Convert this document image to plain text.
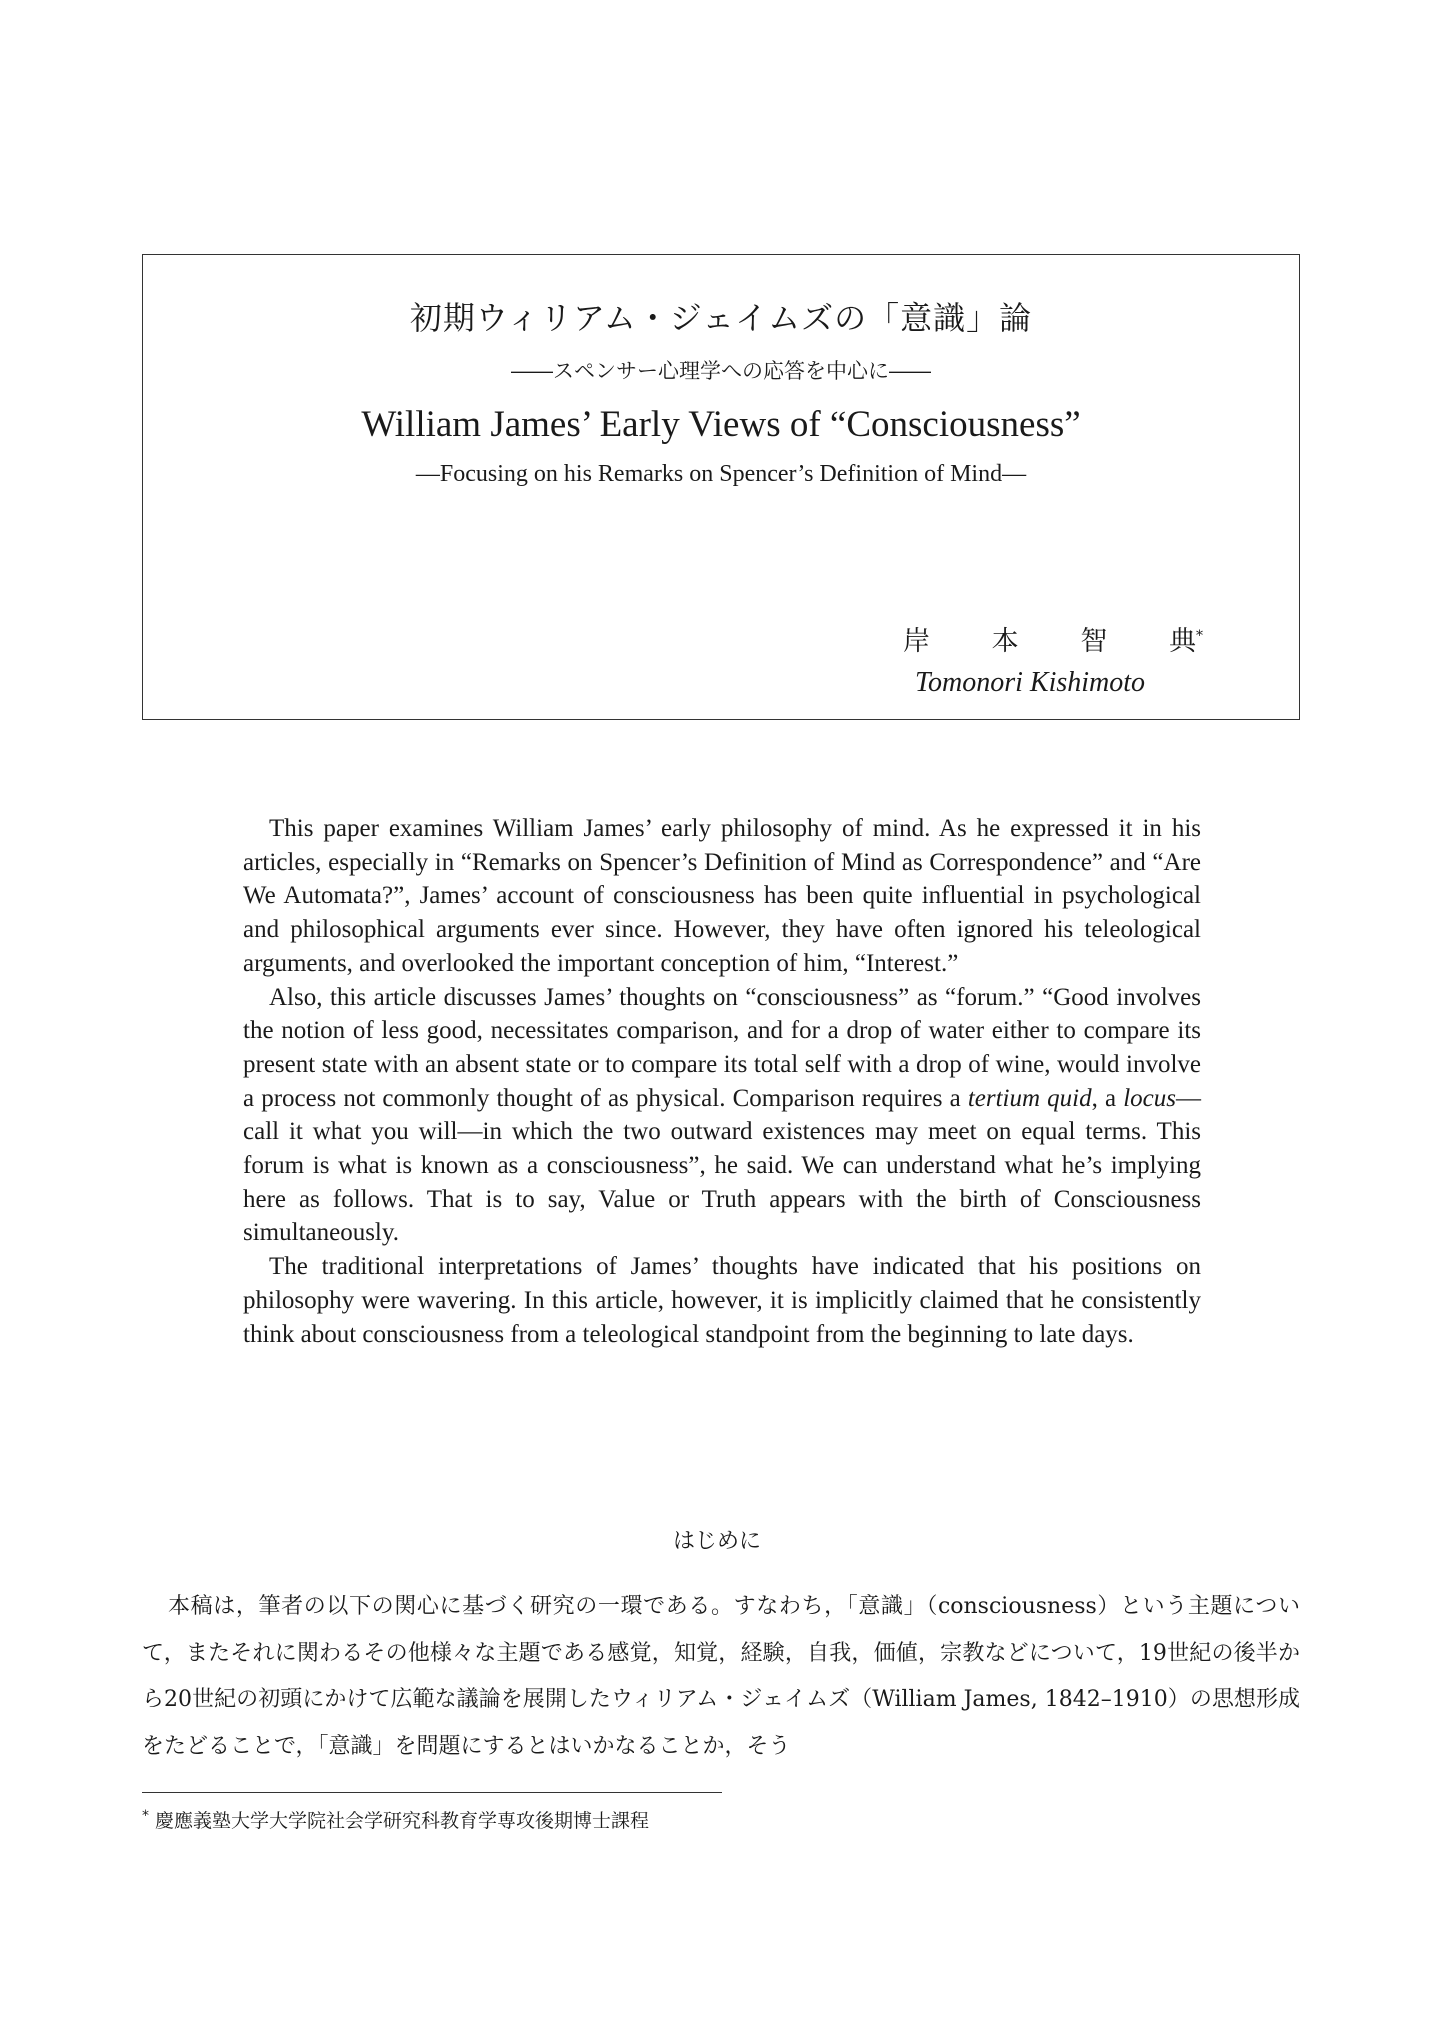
初期ウィリアム・ジェイムズの「意識」論
――スペンサー心理学への応答を中心に――
William James’ Early Views of “Consciousness”
—Focusing on his Remarks on Spencer’s Definition of Mind—
岸 本 智 典*
Tomonori Kishimoto

This paper examines William James’ early philosophy of mind. As he expressed it in his articles, especially in “Remarks on Spencer’s Definition of Mind as Correspondence” and “Are We Automata?”, James’ account of consciousness has been quite influential in psychological and philosophical arguments ever since. However, they have often ignored his teleological arguments, and overlooked the important conception of him, “Interest.”

Also, this article discusses James’ thoughts on “consciousness” as “forum.” “Good involves the notion of less good, necessitates comparison, and for a drop of water either to compare its present state with an absent state or to compare its total self with a drop of wine, would involve a process not commonly thought of as physical. Comparison requires a tertium quid, a locus—call it what you will—in which the two outward existences may meet on equal terms. This forum is what is known as a consciousness”, he said. We can understand what he’s implying here as follows. That is to say, Value or Truth appears with the birth of Consciousness simultaneously.

The traditional interpretations of James’ thoughts have indicated that his positions on philosophy were wavering. In this article, however, it is implicitly claimed that he consistently think about consciousness from a teleological standpoint from the beginning to late days.

はじめに

本稿は，筆者の以下の関心に基づく研究の一環である。すなわち，「意識」（consciousness）という主題について，またそれに関わるその他様々な主題である感覚，知覚，経験，自我，価値，宗教などについて，19世紀の後半から20世紀の初頭にかけて広範な議論を展開したウィリアム・ジェイムズ（William James, 1842–1910）の思想形成をたどることで，「意識」を問題にするとはいかなることか，そう

* 慶應義塾大学大学院社会学研究科教育学専攻後期博士課程
